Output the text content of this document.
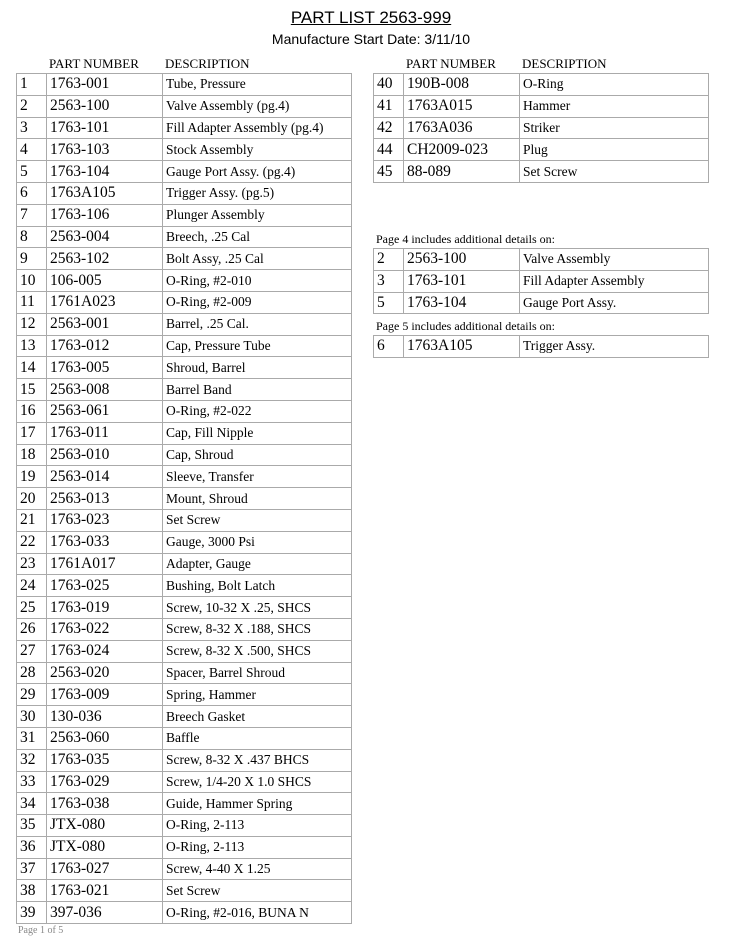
PART LIST 2563-999
Manufacture Start Date: 3/11/10
PART NUMBER DESCRIPTION	PART NUMBER DESCRIPTION
1	1763-001	Tube, Pressure
2	2563-100	Valve Assembly (pg.4)
3	1763-101	Fill Adapter Assembly (pg.4)
4	1763-103	Stock Assembly
5	1763-104	Gauge Port Assy. (pg.4)
6	1763A105	Trigger Assy. (pg.5)
7	1763-106	Plunger Assembly
8	2563-004	Breech, .25 Cal
9	2563-102	Bolt Assy, .25 Cal
10	106-005	O-Ring, #2-010
11	1761A023	O-Ring, #2-009
12	2563-001	Barrel, .25 Cal.
13	1763-012	Cap, Pressure Tube
14	1763-005	Shroud, Barrel
15	2563-008	Barrel Band
16	2563-061	O-Ring, #2-022
17	1763-011	Cap, Fill Nipple
18	2563-010	Cap, Shroud
19	2563-014	Sleeve, Transfer
20	2563-013	Mount, Shroud
21	1763-023	Set Screw
22	1763-033	Gauge, 3000 Psi
23	1761A017	Adapter, Gauge
24	1763-025	Bushing, Bolt Latch
25	1763-019	Screw, 10-32 X .25, SHCS
26	1763-022	Screw, 8-32 X .188, SHCS
27	1763-024	Screw, 8-32 X .500, SHCS
28	2563-020	Spacer, Barrel Shroud
29	1763-009	Spring, Hammer
30	130-036	Breech Gasket
31	2563-060	Baffle
32	1763-035	Screw, 8-32 X .437 BHCS
33	1763-029	Screw, 1/4-20 X 1.0 SHCS
34	1763-038	Guide, Hammer Spring
35	JTX-080	O-Ring, 2-113
36	JTX-080	O-Ring, 2-113
37	1763-027	Screw, 4-40 X 1.25
38	1763-021	Set Screw
39	397-036	O-Ring, #2-016, BUNA N
40	190B-008	O-Ring
41	1763A015	Hammer
42	1763A036	Striker
44	CH2009-023	Plug
45	88-089	Set Screw
Page 4 includes additional details on:
2	2563-100	Valve Assembly
3	1763-101	Fill Adapter Assembly
5	1763-104	Gauge Port Assy.
Page 5 includes additional details on:
6	1763A105	Trigger Assy.
Page 1 of 5
